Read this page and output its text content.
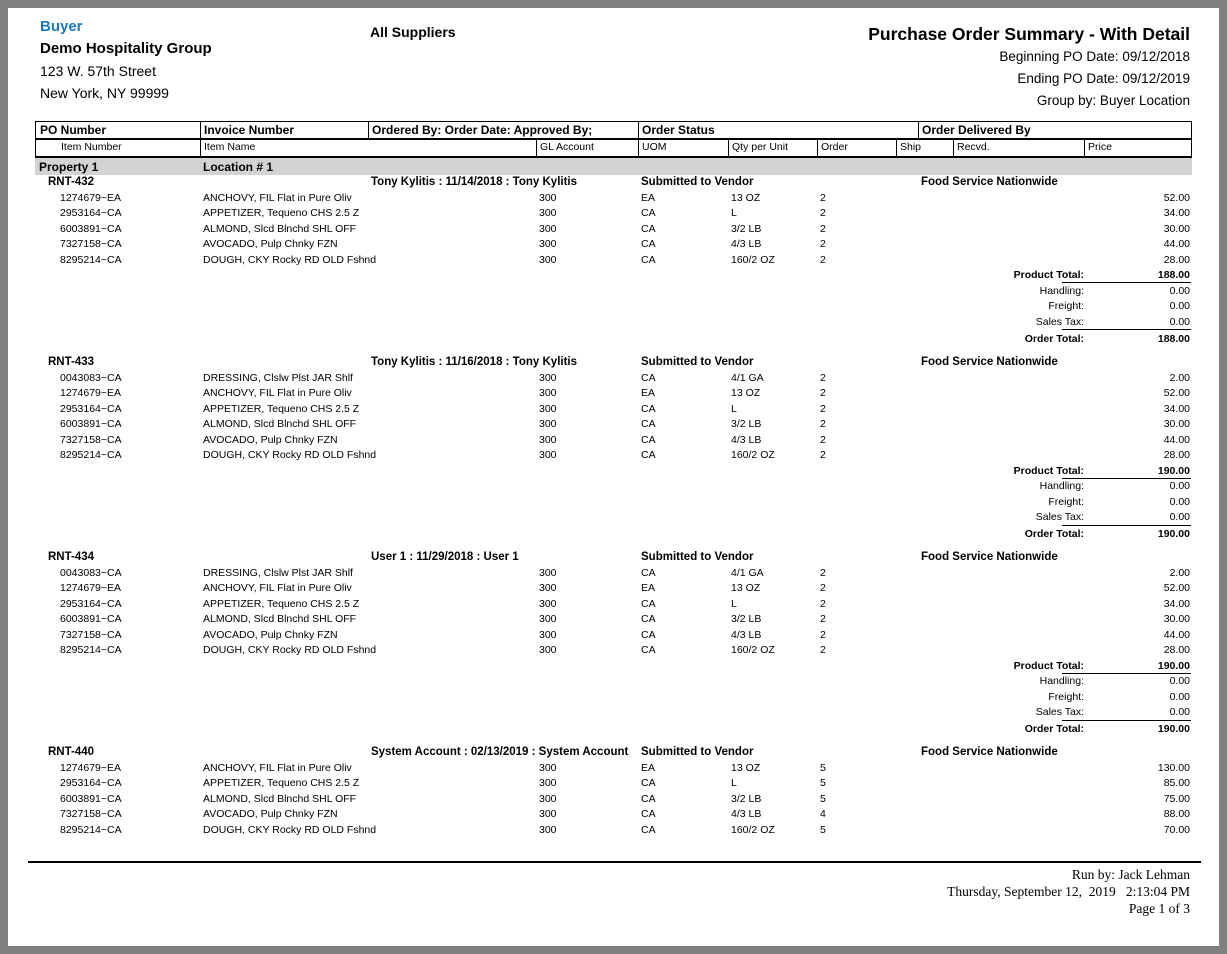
Buyer
Demo Hospitality Group
123 W. 57th Street
New York, NY 99999
All Suppliers	Purchase Order Summary - With Detail
Beginning PO Date: 09/12/2018
Ending PO Date: 09/12/2019
Group by: Buyer Location
PO Number	Invoice Number	Ordered By: Order Date: Approved By;	Order Status	Order Delivered By
Item Number	Item Name	GL Account	UOM	Qty per Unit	Order	Ship	Recvd.	Price
Property 1	Location # 1
RNT-432	Tony Kylitis : 11/14/2018 : Tony Kylitis	Submitted to Vendor	Food Service Nationwide
1274679~EA	ANCHOVY, FIL Flat in Pure Oliv	300	EA	13 OZ	2	52.00
2953164~CA	APPETIZER, Tequeno CHS 2.5 Z	300	CA	L	2	34.00
6003891~CA	ALMOND, Slcd Blnchd SHL OFF	300	CA	3/2 LB	2	30.00
7327158~CA	AVOCADO, Pulp Chnky FZN	300	CA	4/3 LB	2	44.00
8295214~CA	DOUGH, CKY Rocky RD OLD Fshnd	300	CA	160/2 OZ	2	28.00
Product Total:	188.00
Handling:	0.00
Freight:	0.00
Sales Tax:	0.00
Order Total:	188.00
RNT-433	Tony Kylitis : 11/16/2018 : Tony Kylitis	Submitted to Vendor	Food Service Nationwide
0043083~CA	DRESSING, Clslw Plst JAR Shlf	300	CA	4/1 GA	2	2.00
1274679~EA	ANCHOVY, FIL Flat in Pure Oliv	300	EA	13 OZ	2	52.00
2953164~CA	APPETIZER, Tequeno CHS 2.5 Z	300	CA	L	2	34.00
6003891~CA	ALMOND, Slcd Blnchd SHL OFF	300	CA	3/2 LB	2	30.00
7327158~CA	AVOCADO, Pulp Chnky FZN	300	CA	4/3 LB	2	44.00
8295214~CA	DOUGH, CKY Rocky RD OLD Fshnd	300	CA	160/2 OZ	2	28.00
Product Total:	190.00
Handling:	0.00
Freight:	0.00
Sales Tax:	0.00
Order Total:	190.00
RNT-434	User 1 : 11/29/2018 : User 1	Submitted to Vendor	Food Service Nationwide
0043083~CA	DRESSING, Clslw Plst JAR Shlf	300	CA	4/1 GA	2	2.00
1274679~EA	ANCHOVY, FIL Flat in Pure Oliv	300	EA	13 OZ	2	52.00
2953164~CA	APPETIZER, Tequeno CHS 2.5 Z	300	CA	L	2	34.00
6003891~CA	ALMOND, Slcd Blnchd SHL OFF	300	CA	3/2 LB	2	30.00
7327158~CA	AVOCADO, Pulp Chnky FZN	300	CA	4/3 LB	2	44.00
8295214~CA	DOUGH, CKY Rocky RD OLD Fshnd	300	CA	160/2 OZ	2	28.00
Product Total:	190.00
Handling:	0.00
Freight:	0.00
Sales Tax:	0.00
Order Total:	190.00
RNT-440	System Account : 02/13/2019 : System Account Submitted to Vendor	Food Service Nationwide
1274679~EA	ANCHOVY, FIL Flat in Pure Oliv	300	EA	13 OZ	5	130.00
2953164~CA	APPETIZER, Tequeno CHS 2.5 Z	300	CA	L	5	85.00
6003891~CA	ALMOND, Slcd Blnchd SHL OFF	300	CA	3/2 LB	5	75.00
7327158~CA	AVOCADO, Pulp Chnky FZN	300	CA	4/3 LB	4	88.00
8295214~CA	DOUGH, CKY Rocky RD OLD Fshnd	300	CA	160/2 OZ	5	70.00
Run by: Jack Lehman
Thursday, September 12,  2019   2:13:04 PM
Page 1 of 3
